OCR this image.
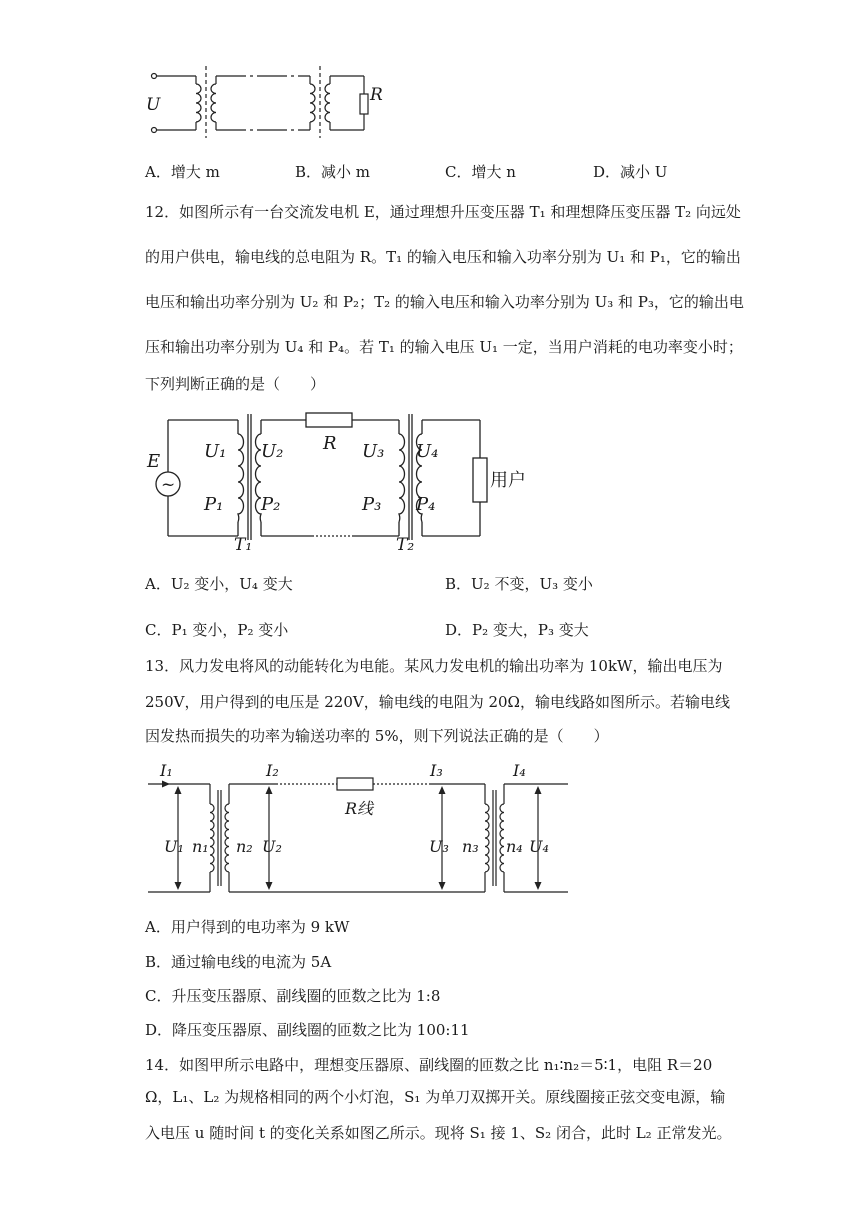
U	R
A．增大 m	B．减小 m	C．增大 n	D．减小 U
12．如图所示有一台交流发电机 E，通过理想升压变压器 T₁ 和理想降压变压器 T₂ 向远处
的用户供电，输电线的总电阻为 R。T₁ 的输入电压和输入功率分别为 U₁ 和 P₁，它的输出
电压和输出功率分别为 U₂ 和 P₂；T₂ 的输入电压和输入功率分别为 U₃ 和 P₃，它的输出电
压和输出功率分别为 U₄ 和 P₄。若 T₁ 的输入电压 U₁ 一定，当用户消耗的电功率变小时；
下列判断正确的是（　　）
~
E
R
U₁
P₁
U₂
P₂
U₃
P₃
U₄
P₄
T₁	T₂
用户
A．U₂ 变小，U₄ 变大	B．U₂ 不变，U₃ 变小
C．P₁ 变小，P₂ 变小	D．P₂ 变大，P₃ 变大
13．风力发电将风的动能转化为电能。某风力发电机的输出功率为 10kW，输出电压为
250V，用户得到的电压是 220V，输电线的电阻为 20Ω，输电线路如图所示。若输电线
因发热而损失的功率为输送功率的 5%，则下列说法正确的是（　　）
I₁	I₂	I₃	I₄
R线
U₁ n₁ n₂ U₂	U₃ n₃ n₄ U₄
A．用户得到的电功率为 9 kW
B．通过输电线的电流为 5A
C．升压变压器原、副线圈的匝数之比为 1:8
D．降压变压器原、副线圈的匝数之比为 100:11
14．如图甲所示电路中，理想变压器原、副线圈的匝数之比 n₁∶n₂＝5∶1，电阻 R＝20
Ω，L₁、L₂ 为规格相同的两个小灯泡，S₁ 为单刀双掷开关。原线圈接正弦交变电源，输
入电压 u 随时间 t 的变化关系如图乙所示。现将 S₁ 接 1、S₂ 闭合，此时 L₂ 正常发光。
